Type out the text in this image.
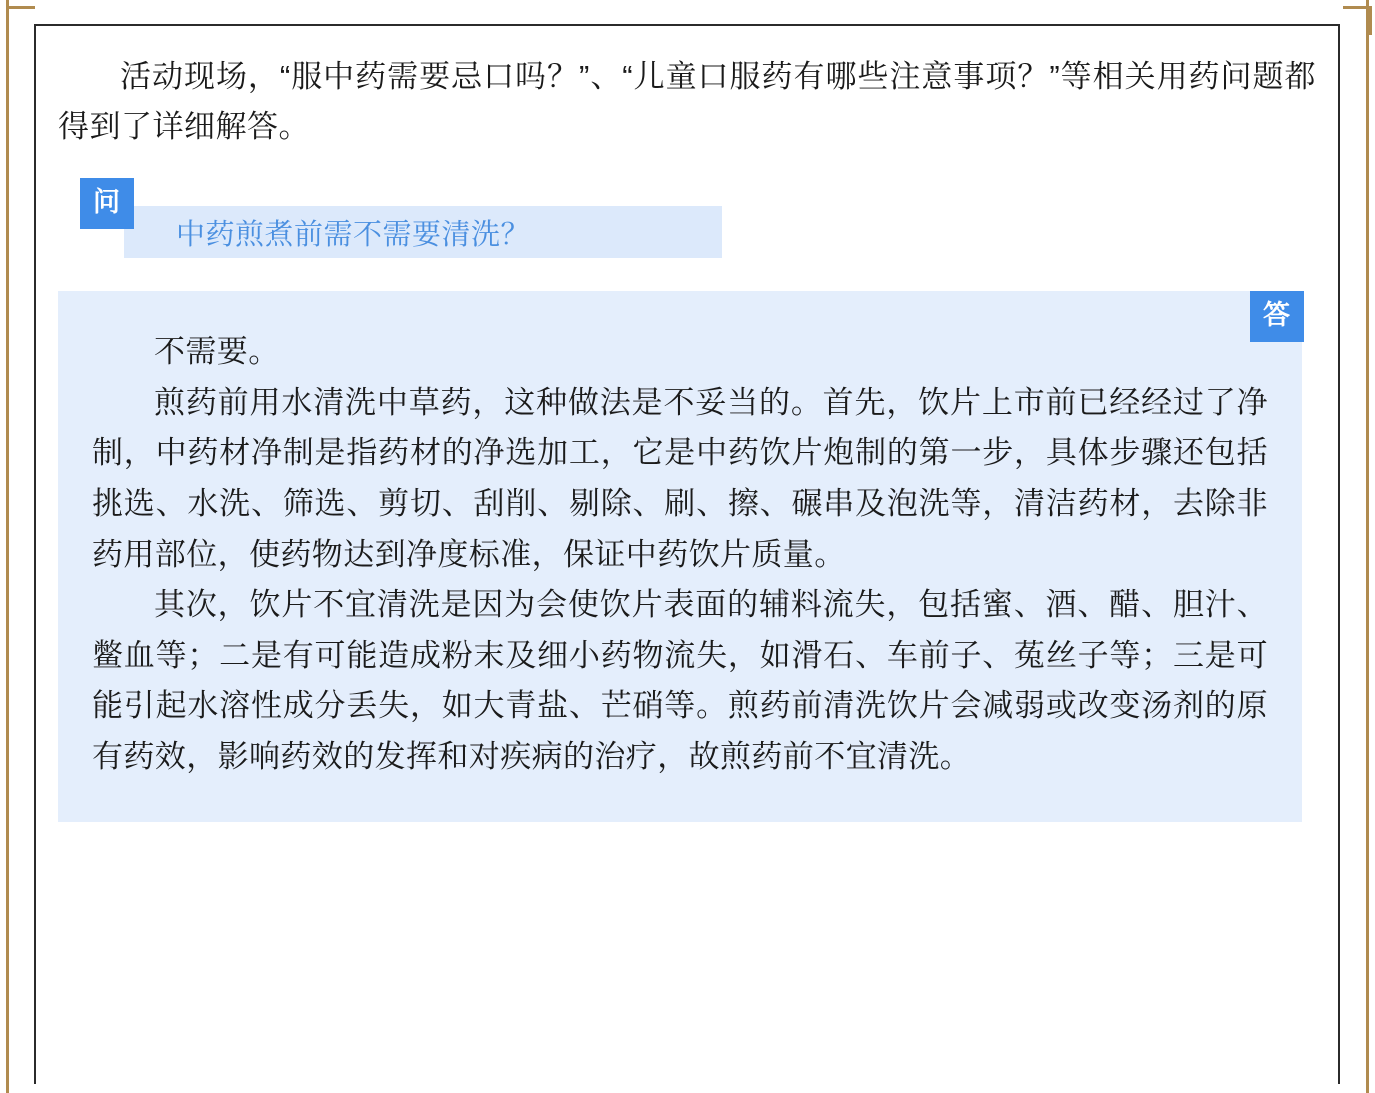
活动现场，“服中药需要忌口吗？”、“儿童口服药有哪些注意事项？”等相关用药问题都得到了详细解答。

问
中药煎煮前需不需要清洗？
答

不需要。

煎药前用水清洗中草药，这种做法是不妥当的。首先，饮片上市前已经经过了净制，中药材净制是指药材的净选加工，它是中药饮片炮制的第一步，具体步骤还包括挑选、水洗、筛选、剪切、刮削、剔除、刷、擦、碾串及泡洗等，清洁药材，去除非药用部位，使药物达到净度标准，保证中药饮片质量。

其次，饮片不宜清洗是因为会使饮片表面的辅料流失，包括蜜、酒、醋、胆汁、鳖血等；二是有可能造成粉末及细小药物流失，如滑石、车前子、菟丝子等；三是可能引起水溶性成分丢失，如大青盐、芒硝等。煎药前清洗饮片会减弱或改变汤剂的原有药效，影响药效的发挥和对疾病的治疗，故煎药前不宜清洗。
